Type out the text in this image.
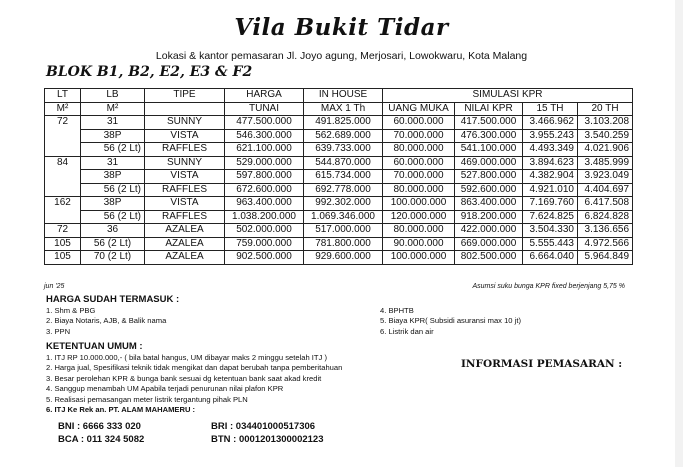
Vila Bukit Tidar
Lokasi & kantor pemasaran Jl. Joyo agung, Merjosari, Lowokwaru, Kota Malang
BLOK B1, B2, E2, E3 & F2
LT	LB	TIPE	HARGA	IN HOUSE	SIMULASI KPR			
M²	M²		TUNAI	MAX 1 Th	UANG MUKA	NILAI KPR	15 TH	20 TH
72	31	SUNNY	477.500.000	491.825.000	60.000.000	417.500.000	3.466.962	3.103.208
	38P	VISTA	546.300.000	562.689.000	70.000.000	476.300.000	3.955.243	3.540.259
	56 (2 Lt)	RAFFLES	621.100.000	639.733.000	80.000.000	541.100.000	4.493.349	4.021.906
84	31	SUNNY	529.000.000	544.870.000	60.000.000	469.000.000	3.894.623	3.485.999
	38P	VISTA	597.800.000	615.734.000	70.000.000	527.800.000	4.382.904	3.923.049
	56 (2 Lt)	RAFFLES	672.600.000	692.778.000	80.000.000	592.600.000	4.921.010	4.404.697
162	38P	VISTA	963.400.000	992.302.000	100.000.000	863.400.000	7.169.760	6.417.508
	56 (2 Lt)	RAFFLES	1.038.200.000	1.069.346.000	120.000.000	918.200.000	7.624.825	6.824.828
72	36	AZALEA	502.000.000	517.000.000	80.000.000	422.000.000	3.504.330	3.136.656
105	56 (2 Lt)	AZALEA	759.000.000	781.800.000	90.000.000	669.000.000	5.555.443	4.972.566
105	70 (2 Lt)	AZALEA	902.500.000	929.600.000	100.000.000	802.500.000	6.664.040	5.964.849
jun '25	Asumsi suku bunga KPR fixed berjenjang 5,75 %
HARGA SUDAH TERMASUK :
1. Shm & PBG
2. Biaya Notaris, AJB, & Balik nama
3. PPN
4. BPHTB
5. Biaya KPR( Subsidi asuransi max 10 jt)
6. Listrik dan air
KETENTUAN UMUM :
1. ITJ RP 10.000.000,- ( bila batal hangus, UM dibayar maks 2 minggu setelah ITJ )
2. Harga jual, Spesifikasi teknik tidak mengikat dan dapat berubah tanpa pemberitahuan
3. Besar perolehan KPR & bunga bank sesuai dg ketentuan bank saat akad kredit
4. Sanggup menambah UM Apabila terjadi penurunan nilai plafon KPR
5. Realisasi pemasangan meter listrik tergantung pihak PLN
6. ITJ Ke Rek an. PT. ALAM MAHAMERU :
BNI : 6666 333 020
BCA : 011 324 5082
BRI : 034401000517306
BTN : 0001201300002123
INFORMASI PEMASARAN :
